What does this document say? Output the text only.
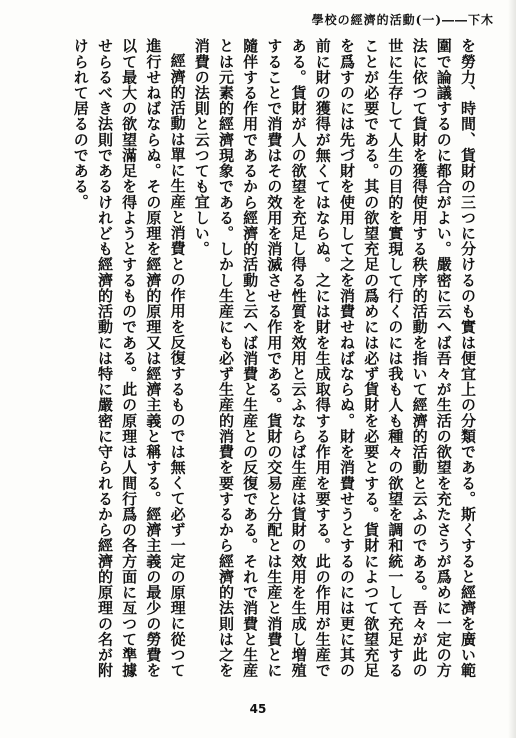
學校の經濟的活動(一)――下木

を勞力、時間、貨財の三つに分けるのも實は便宜上の分類である。斯くすると經濟を廣い範圍で論議するのに都合がよい。嚴密に云へば吾々が生活の欲望を充たさうが爲めに一定の方法に依つて貨財を獲得使用する秩序的活動を指いて經濟的活動と云ふのである。吾々が此の世に生存して人生の目的を實現して行くのには我も人も種々の欲望を調和統一して充足することが必要である。其の欲望充足の爲めには必ず貨財を必要とする。貨財によつて欲望充足を爲すのには先づ財を使用して之を消費せねばならぬ。財を消費せうとするのには更に其の前に財の獲得が無くてはならぬ。之には財を生成取得する作用を要する。此の作用が生産である。貨財が人の欲望を充足し得る性質を效用と云ふならば生産は貨財の效用を生成し増殖することで消費はその效用を消滅させる作用である。貨財の交易と分配とは生産と消費とに隨伴する作用であるから經濟的活動と云へば消費と生産との反復である。それで消費と生産とは元素的經濟現象である。しかし生産にも必ず生産的消費を要するから經濟的法則は之を消費の法則と云つても宜しい。

經濟的活動は單に生産と消費との作用を反復するものでは無くて必ず一定の原理に從つて進行せねばならぬ。その原理を經濟的原理又は經濟主義と稱する。經濟主義の最少の勞費を以て最大の欲望滿足を得ようとするものである。此の原理は人間行爲の各方面に亙つて準據せらるべき法則であるけれども經濟的活動には特に嚴密に守られるから經濟的原理の名が附けられて居るのである。

45
